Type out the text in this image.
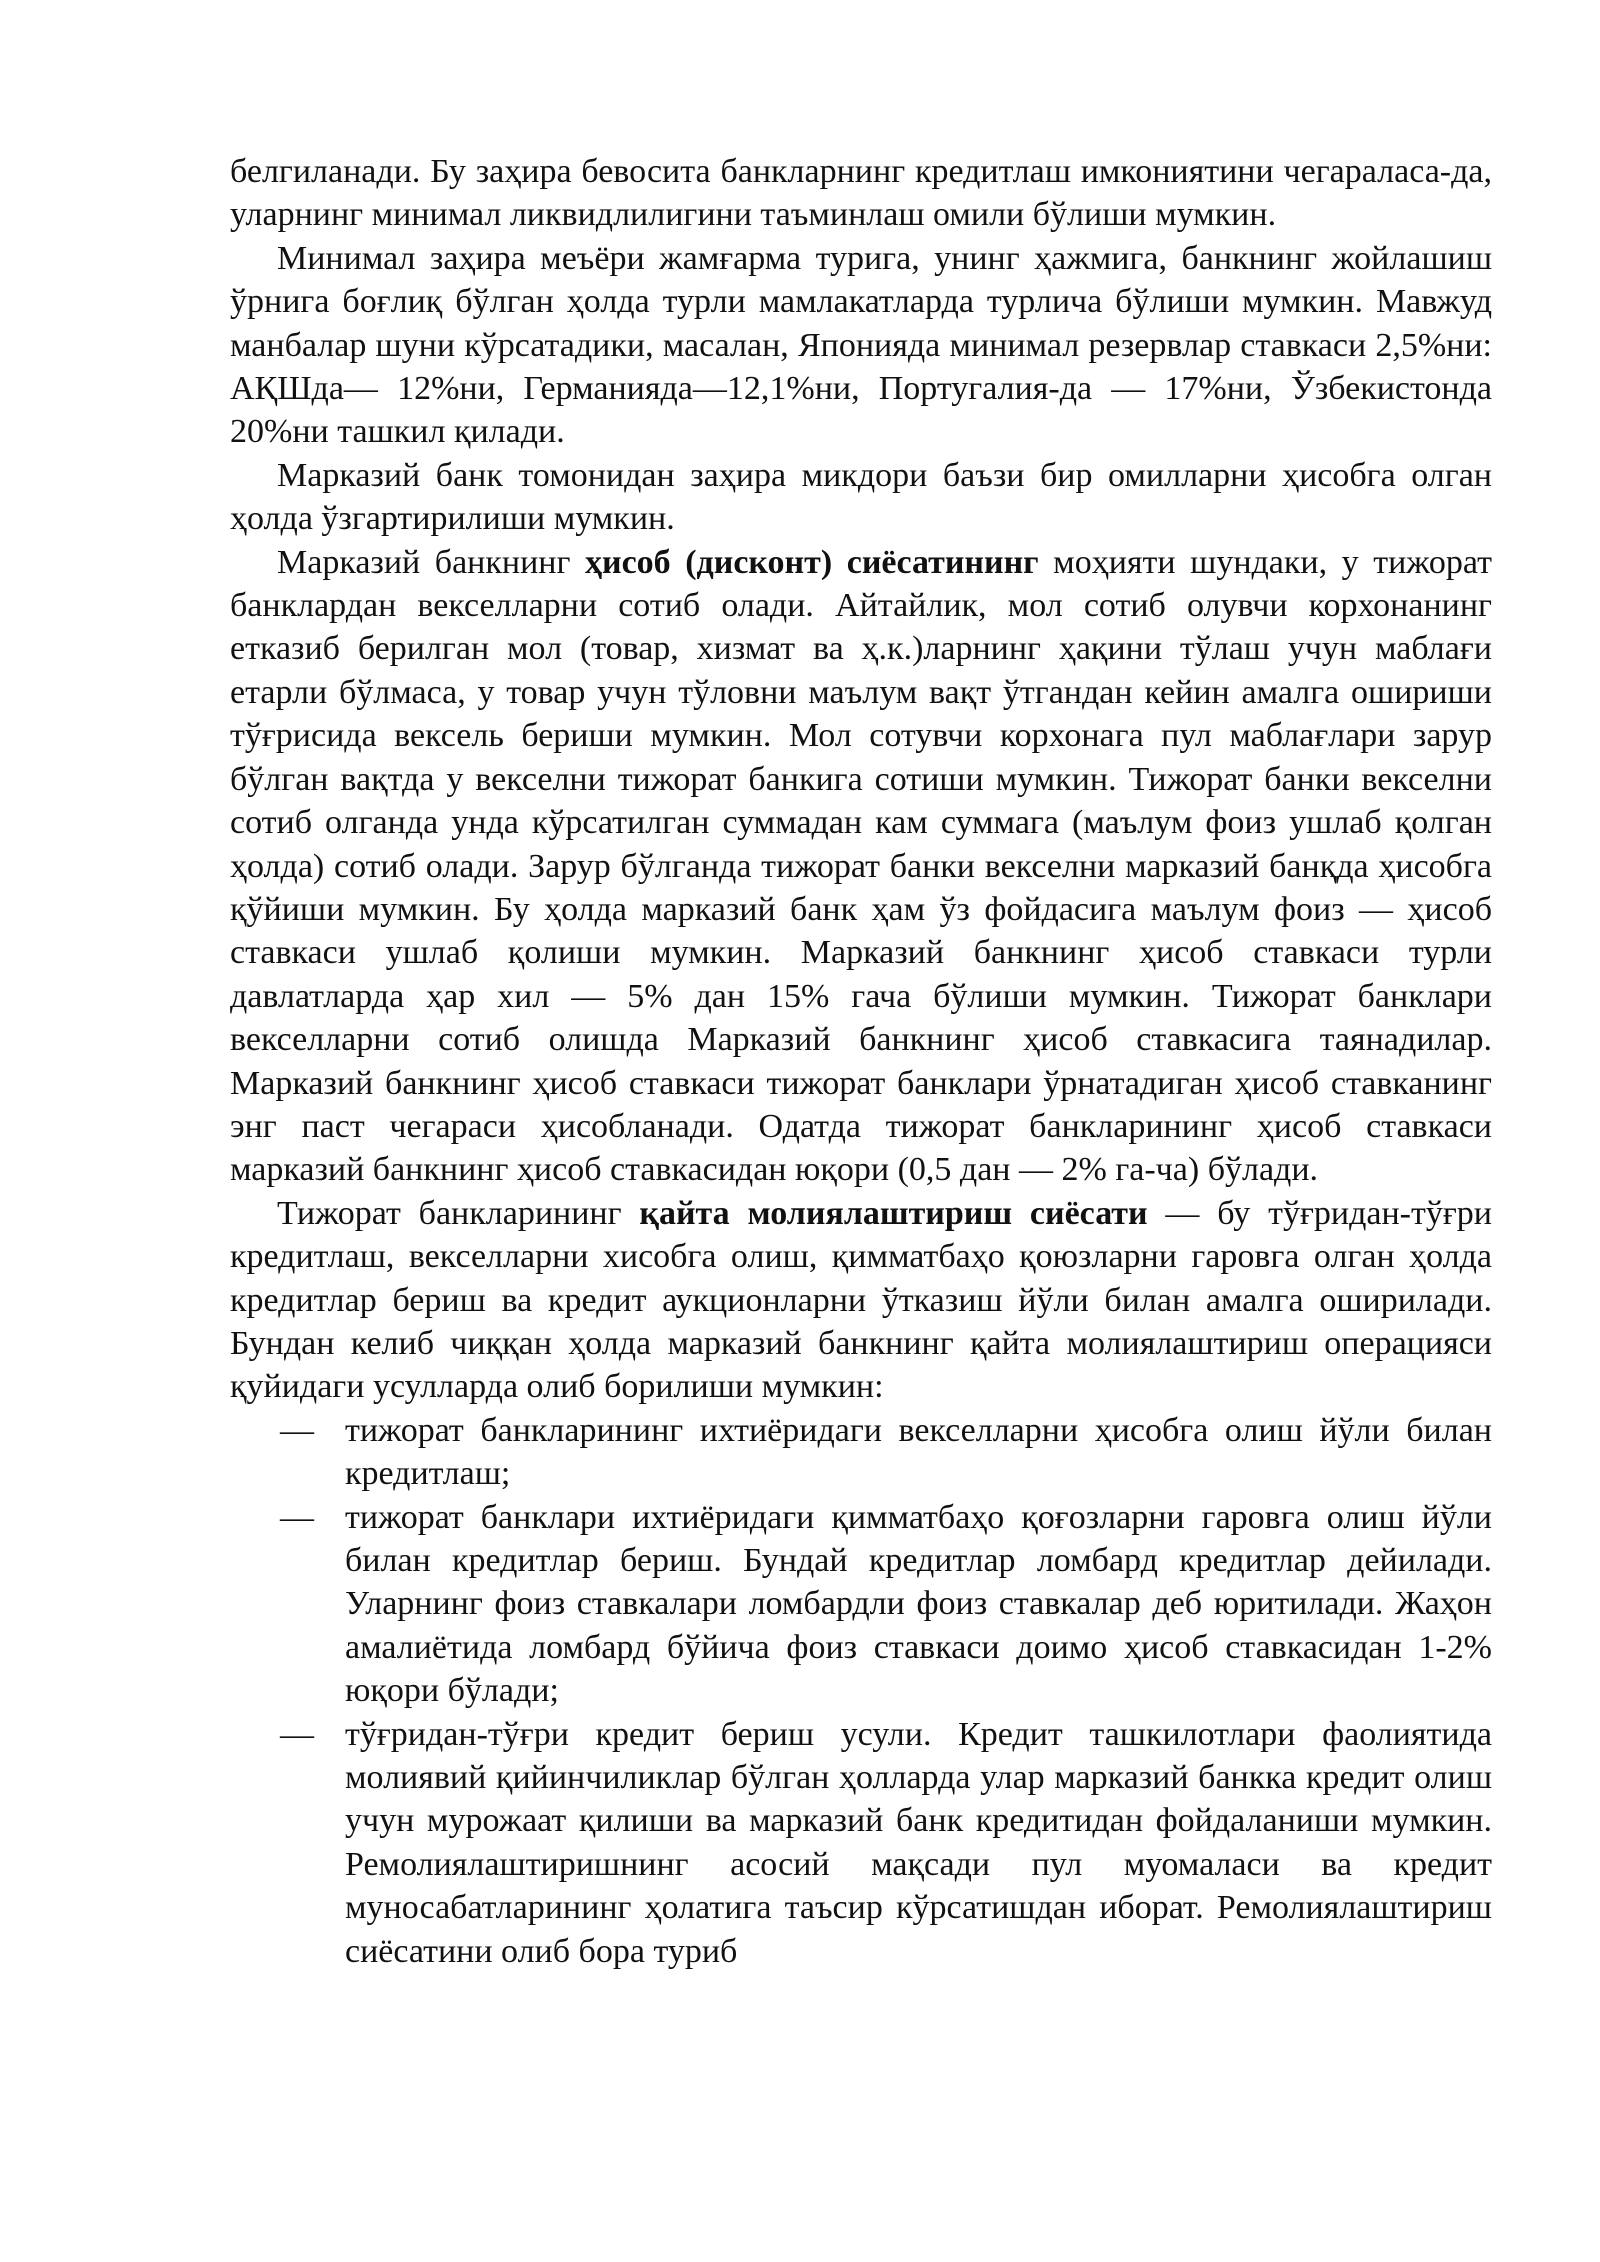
белгиланади. Бу заҳира бевосита банкларнинг кредитлаш имкониятини чегараласа-да, уларнинг минимал ликвидлилигини таъминлаш омили бўлиши мумкин.

Минимал заҳира меъёри жамғарма турига, унинг ҳажмига, банкнинг жойлашиш ўрнига боғлиқ бўлган ҳолда турли мамлакатларда турлича бўлиши мумкин. Мавжуд манбалар шуни кўрсатадики, масалан, Японияда минимал резервлар ставкаси 2,5%ни: АҚШда— 12%ни, Германияда—12,1%ни, Португалия-да — 17%ни, Ўзбекистонда 20%ни ташкил қилади.

Марказий банк томонидан заҳира микдори баъзи бир омилларни ҳисобга олган ҳолда ўзгартирилиши мумкин.

Марказий банкнинг ҳисоб (дисконт) сиёсатининг моҳияти шундаки, у тижорат банклардан векселларни сотиб олади. Айтайлик, мол сотиб олувчи корхонанинг етказиб берилган мол (товар, хизмат ва ҳ.к.)ларнинг ҳақини тўлаш учун маблағи етарли бўлмаса, у товар учун тўловни маълум вақт ўтгандан кейин амалга ошириши тўғрисида вексель бериши мумкин. Мол сотувчи корхонага пул маблағлари зарур бўлган вақтда у векселни тижорат банкига сотиши мумкин. Тижорат банки векселни сотиб олганда унда кўрсатилган суммадан кам суммага (маълум фоиз ушлаб қолган ҳолда) сотиб олади. Зарур бўлганда тижорат банки векселни марказий банқда ҳисобга қўйиши мумкин. Бу ҳолда марказий банк ҳам ўз фойдасига маълум фоиз — ҳисоб ставкаси ушлаб қолиши мумкин. Марказий банкнинг ҳисоб ставкаси турли давлатларда ҳар хил — 5% дан 15% гача бўлиши мумкин. Тижорат банклари векселларни сотиб олишда Марказий банкнинг ҳисоб ставкасига таянадилар. Марказий банкнинг ҳисоб ставкаси тижорат банклари ўрнатадиган ҳисоб ставканинг энг паст чегараси ҳисобланади. Одатда тижорат банкларининг ҳисоб ставкаси марказий банкнинг ҳисоб ставкасидан юқори (0,5 дан — 2% га-ча) бўлади.

Тижорат банкларининг қайта молиялаштириш сиёсати — бу тўғридан-тўғри кредитлаш, векселларни хисобга олиш, қимматбаҳо қоюзларни гаровга олган ҳолда кредитлар бериш ва кредит аукционларни ўтказиш йўли билан амалга оширилади. Бундан келиб чиққан ҳолда марказий банкнинг қайта молиялаштириш операцияси қуйидаги усулларда олиб борилиши мумкин:

— тижорат банкларининг ихтиёридаги векселларни ҳисобга олиш йўли билан кредитлаш;
— тижорат банклари ихтиёридаги қимматбаҳо қоғозларни гаровга олиш йўли билан кредитлар бериш. Бундай кредитлар ломбард кредитлар дейилади. Уларнинг фоиз ставкалари ломбардли фоиз ставкалар деб юритилади. Жаҳон амалиётида ломбард бўйича фоиз ставкаси доимо ҳисоб ставкасидан 1-2% юқори бўлади;
— тўғридан-тўғри кредит бериш усули. Кредит ташкилотлари фаолиятида молиявий қийинчиликлар бўлган ҳолларда улар марказий банкка кредит олиш учун мурожаат қилиши ва марказий банк кредитидан фойдаланиши мумкин. Ремолиялаштиришнинг асосий мақсади пул муомаласи ва кредит муносабатларининг ҳолатига таъсир кўрсатишдан иборат. Ремолиялаштириш сиёсатини олиб бора туриб
